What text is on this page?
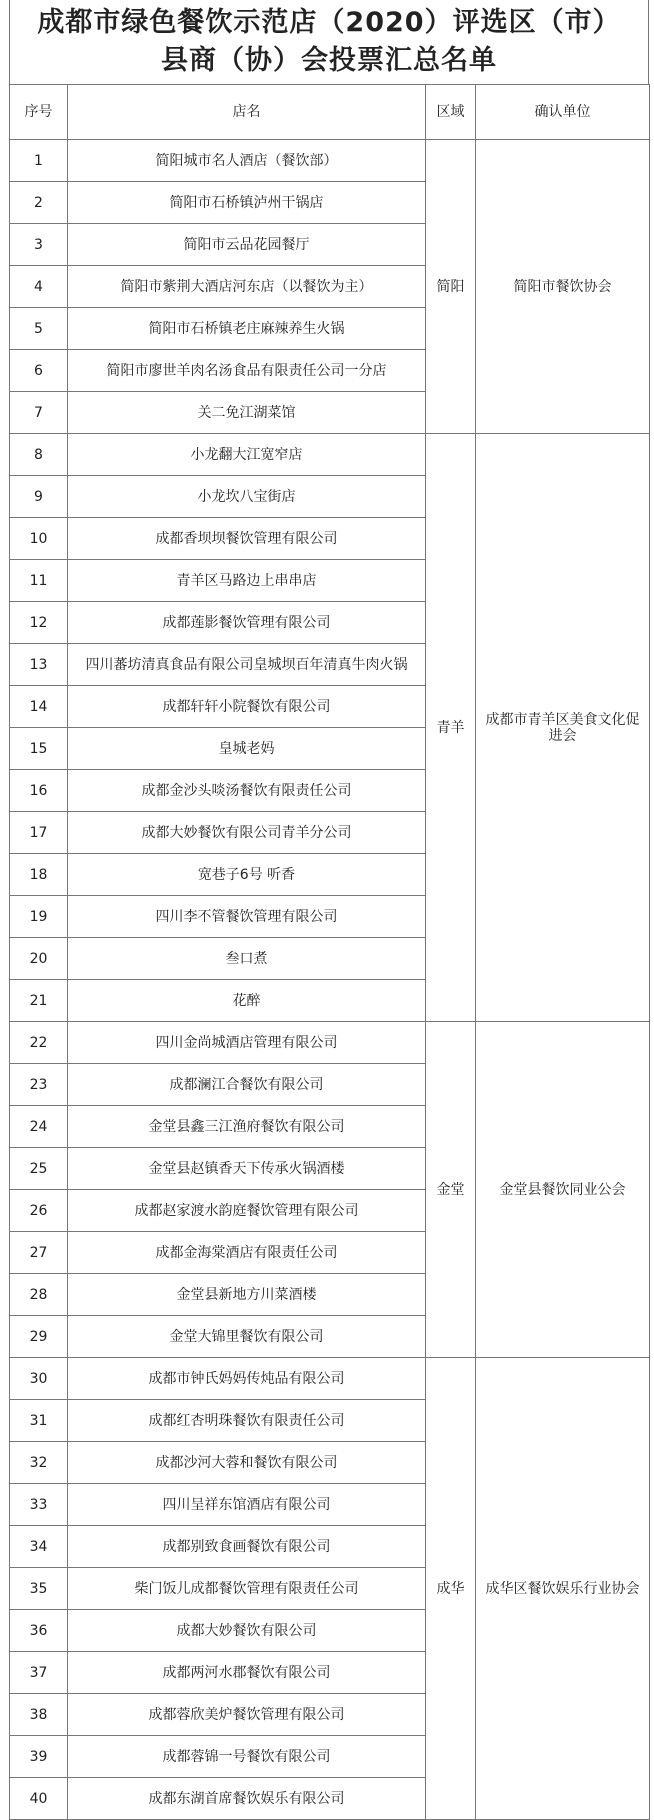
成都市绿色餐饮示范店（2020）评选区（市）
县商（协）会投票汇总名单
序号	店名	区域	确认单位
1	简阳城市名人酒店（餐饮部）	简阳	简阳市餐饮协会
2	简阳市石桥镇泸州干锅店		
3	简阳市云品花园餐厅		
4	简阳市紫荆大酒店河东店（以餐饮为主）		
5	简阳市石桥镇老庄麻辣养生火锅		
6	简阳市廖世羊肉名汤食品有限责任公司一分店		
7	关二免江湖菜馆		
8	小龙翻大江宽窄店	青羊	成都市青羊区美食文化促进会
9	小龙坎八宝街店		
10	成都香坝坝餐饮管理有限公司		
11	青羊区马路边上串串店		
12	成都莲影餐饮管理有限公司		
13	四川蕃坊清真食品有限公司皇城坝百年清真牛肉火锅		
14	成都轩轩小院餐饮有限公司		
15	皇城老妈		
16	成都金沙头啖汤餐饮有限责任公司		
17	成都大妙餐饮有限公司青羊分公司		
18	宽巷子6号 听香		
19	四川李不管餐饮管理有限公司		
20	叁口煮		
21	花醉		
22	四川金尚城酒店管理有限公司	金堂	金堂县餐饮同业公会
23	成都澜江合餐饮有限公司		
24	金堂县鑫三江渔府餐饮有限公司		
25	金堂县赵镇香天下传承火锅酒楼		
26	成都赵家渡水韵庭餐饮管理有限公司		
27	成都金海棠酒店有限责任公司		
28	金堂县新地方川菜酒楼		
29	金堂大锦里餐饮有限公司		
30	成都市钟氏妈妈传炖品有限公司	成华	成华区餐饮娱乐行业协会
31	成都红杏明珠餐饮有限责任公司		
32	成都沙河大蓉和餐饮有限公司		
33	四川呈祥东馆酒店有限公司		
34	成都别致食画餐饮有限公司		
35	柴门饭儿成都餐饮管理有限责任公司		
36	成都大妙餐饮有限公司		
37	成都两河水郡餐饮有限公司		
38	成都蓉欣美炉餐饮管理有限公司		
39	成都蓉锦一号餐饮有限公司		
40	成都东湖首席餐饮娱乐有限公司		
